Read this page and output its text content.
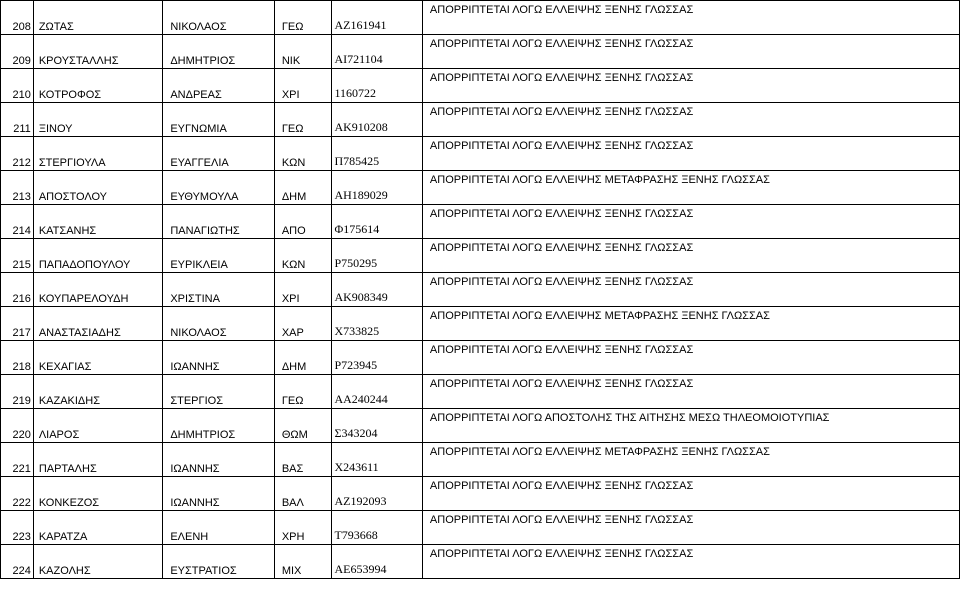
208	ΖΩΤΑΣ	ΝΙΚΟΛΑΟΣ	ΓΕΩ	ΑΖ161941	ΑΠΟΡΡΙΠΤΕΤΑΙ ΛΟΓΩ ΕΛΛΕΙΨΗΣ ΞΕΝΗΣ ΓΛΩΣΣΑΣ
209	ΚΡΟΥΣΤΑΛΛΗΣ	ΔΗΜΗΤΡΙΟΣ	ΝΙΚ	ΑΙ721104	ΑΠΟΡΡΙΠΤΕΤΑΙ ΛΟΓΩ ΕΛΛΕΙΨΗΣ ΞΕΝΗΣ ΓΛΩΣΣΑΣ
210	ΚΟΤΡΟΦΟΣ	ΑΝΔΡΕΑΣ	ΧΡΙ	1160722	ΑΠΟΡΡΙΠΤΕΤΑΙ ΛΟΓΩ ΕΛΛΕΙΨΗΣ ΞΕΝΗΣ ΓΛΩΣΣΑΣ
211	ΞΙΝΟΥ	ΕΥΓΝΩΜΙΑ	ΓΕΩ	ΑΚ910208	ΑΠΟΡΡΙΠΤΕΤΑΙ ΛΟΓΩ ΕΛΛΕΙΨΗΣ ΞΕΝΗΣ ΓΛΩΣΣΑΣ
212	ΣΤΕΡΓΙΟΥΛΑ	ΕΥΑΓΓΕΛΙΑ	ΚΩΝ	Π785425	ΑΠΟΡΡΙΠΤΕΤΑΙ ΛΟΓΩ ΕΛΛΕΙΨΗΣ ΞΕΝΗΣ ΓΛΩΣΣΑΣ
213	ΑΠΟΣΤΟΛΟΥ	ΕΥΘΥΜΟΥΛΑ	ΔΗΜ	ΑΗ189029	ΑΠΟΡΡΙΠΤΕΤΑΙ ΛΟΓΩ ΕΛΛΕΙΨΗΣ ΜΕΤΑΦΡΑΣΗΣ ΞΕΝΗΣ ΓΛΩΣΣΑΣ
214	ΚΑΤΣΑΝΗΣ	ΠΑΝΑΓΙΩΤΗΣ	ΑΠΟ	Φ175614	ΑΠΟΡΡΙΠΤΕΤΑΙ ΛΟΓΩ ΕΛΛΕΙΨΗΣ ΞΕΝΗΣ ΓΛΩΣΣΑΣ
215	ΠΑΠΑΔΟΠΟΥΛΟΥ	ΕΥΡΙΚΛΕΙΑ	ΚΩΝ	Ρ750295	ΑΠΟΡΡΙΠΤΕΤΑΙ ΛΟΓΩ ΕΛΛΕΙΨΗΣ ΞΕΝΗΣ ΓΛΩΣΣΑΣ
216	ΚΟΥΠΑΡΕΛΟΥΔΗ	ΧΡΙΣΤΙΝΑ	ΧΡΙ	ΑΚ908349	ΑΠΟΡΡΙΠΤΕΤΑΙ ΛΟΓΩ ΕΛΛΕΙΨΗΣ ΞΕΝΗΣ ΓΛΩΣΣΑΣ
217	ΑΝΑΣΤΑΣΙΑΔΗΣ	ΝΙΚΟΛΑΟΣ	ΧΑΡ	Χ733825	ΑΠΟΡΡΙΠΤΕΤΑΙ ΛΟΓΩ ΕΛΛΕΙΨΗΣ ΜΕΤΑΦΡΑΣΗΣ ΞΕΝΗΣ ΓΛΩΣΣΑΣ
218	ΚΕΧΑΓΙΑΣ	ΙΩΑΝΝΗΣ	ΔΗΜ	Ρ723945	ΑΠΟΡΡΙΠΤΕΤΑΙ ΛΟΓΩ ΕΛΛΕΙΨΗΣ ΞΕΝΗΣ ΓΛΩΣΣΑΣ
219	ΚΑΖΑΚΙΔΗΣ	ΣΤΕΡΓΙΟΣ	ΓΕΩ	ΑΑ240244	ΑΠΟΡΡΙΠΤΕΤΑΙ ΛΟΓΩ ΕΛΛΕΙΨΗΣ ΞΕΝΗΣ ΓΛΩΣΣΑΣ
220	ΛΙΑΡΟΣ	ΔΗΜΗΤΡΙΟΣ	ΘΩΜ	Σ343204	ΑΠΟΡΡΙΠΤΕΤΑΙ ΛΟΓΩ ΑΠΟΣΤΟΛΗΣ ΤΗΣ ΑΙΤΗΣΗΣ ΜΕΣΩ ΤΗΛΕΟΜΟΙΟΤΥΠΙΑΣ
221	ΠΑΡΤΑΛΗΣ	ΙΩΑΝΝΗΣ	ΒΑΣ	Χ243611	ΑΠΟΡΡΙΠΤΕΤΑΙ ΛΟΓΩ ΕΛΛΕΙΨΗΣ ΜΕΤΑΦΡΑΣΗΣ ΞΕΝΗΣ ΓΛΩΣΣΑΣ
222	ΚΟΝΚΕΖΟΣ	ΙΩΑΝΝΗΣ	ΒΑΛ	ΑΖ192093	ΑΠΟΡΡΙΠΤΕΤΑΙ ΛΟΓΩ ΕΛΛΕΙΨΗΣ ΞΕΝΗΣ ΓΛΩΣΣΑΣ
223	ΚΑΡΑΤΖΑ	ΕΛΕΝΗ	ΧΡΗ	Τ793668	ΑΠΟΡΡΙΠΤΕΤΑΙ ΛΟΓΩ ΕΛΛΕΙΨΗΣ ΞΕΝΗΣ ΓΛΩΣΣΑΣ
224	ΚΑΖΟΛΗΣ	ΕΥΣΤΡΑΤΙΟΣ	ΜΙΧ	ΑΕ653994	ΑΠΟΡΡΙΠΤΕΤΑΙ ΛΟΓΩ ΕΛΛΕΙΨΗΣ ΞΕΝΗΣ ΓΛΩΣΣΑΣ
